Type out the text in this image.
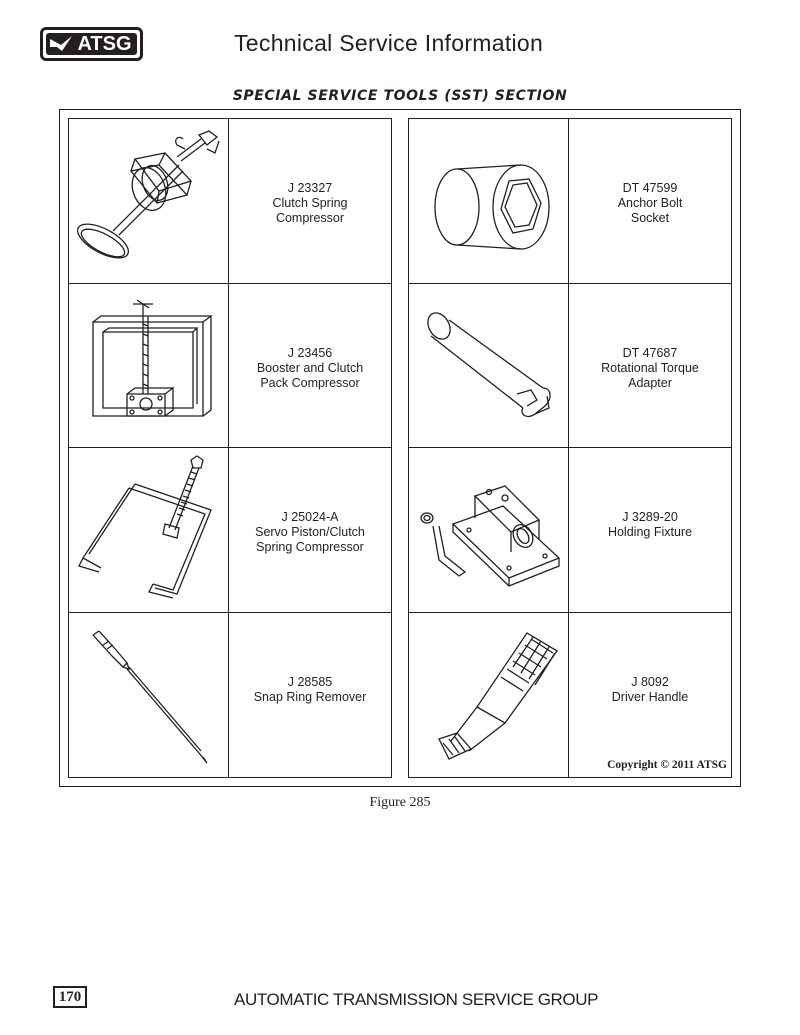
ATSG	Technical Service Information
SPECIAL SERVICE TOOLS (SST) SECTION
J 23327
Clutch Spring
Compressor
J 23456
Booster and Clutch
Pack Compressor
J 25024-A
Servo Piston/Clutch
Spring Compressor
J 28585
Snap Ring Remover
DT 47599
Anchor Bolt
Socket
DT 47687
Rotational Torque
Adapter
J 3289-20
Holding Fixture
J 8092
Driver Handle
Copyright © 2011 ATSG
Figure 285
170	AUTOMATIC TRANSMISSION SERVICE GROUP
